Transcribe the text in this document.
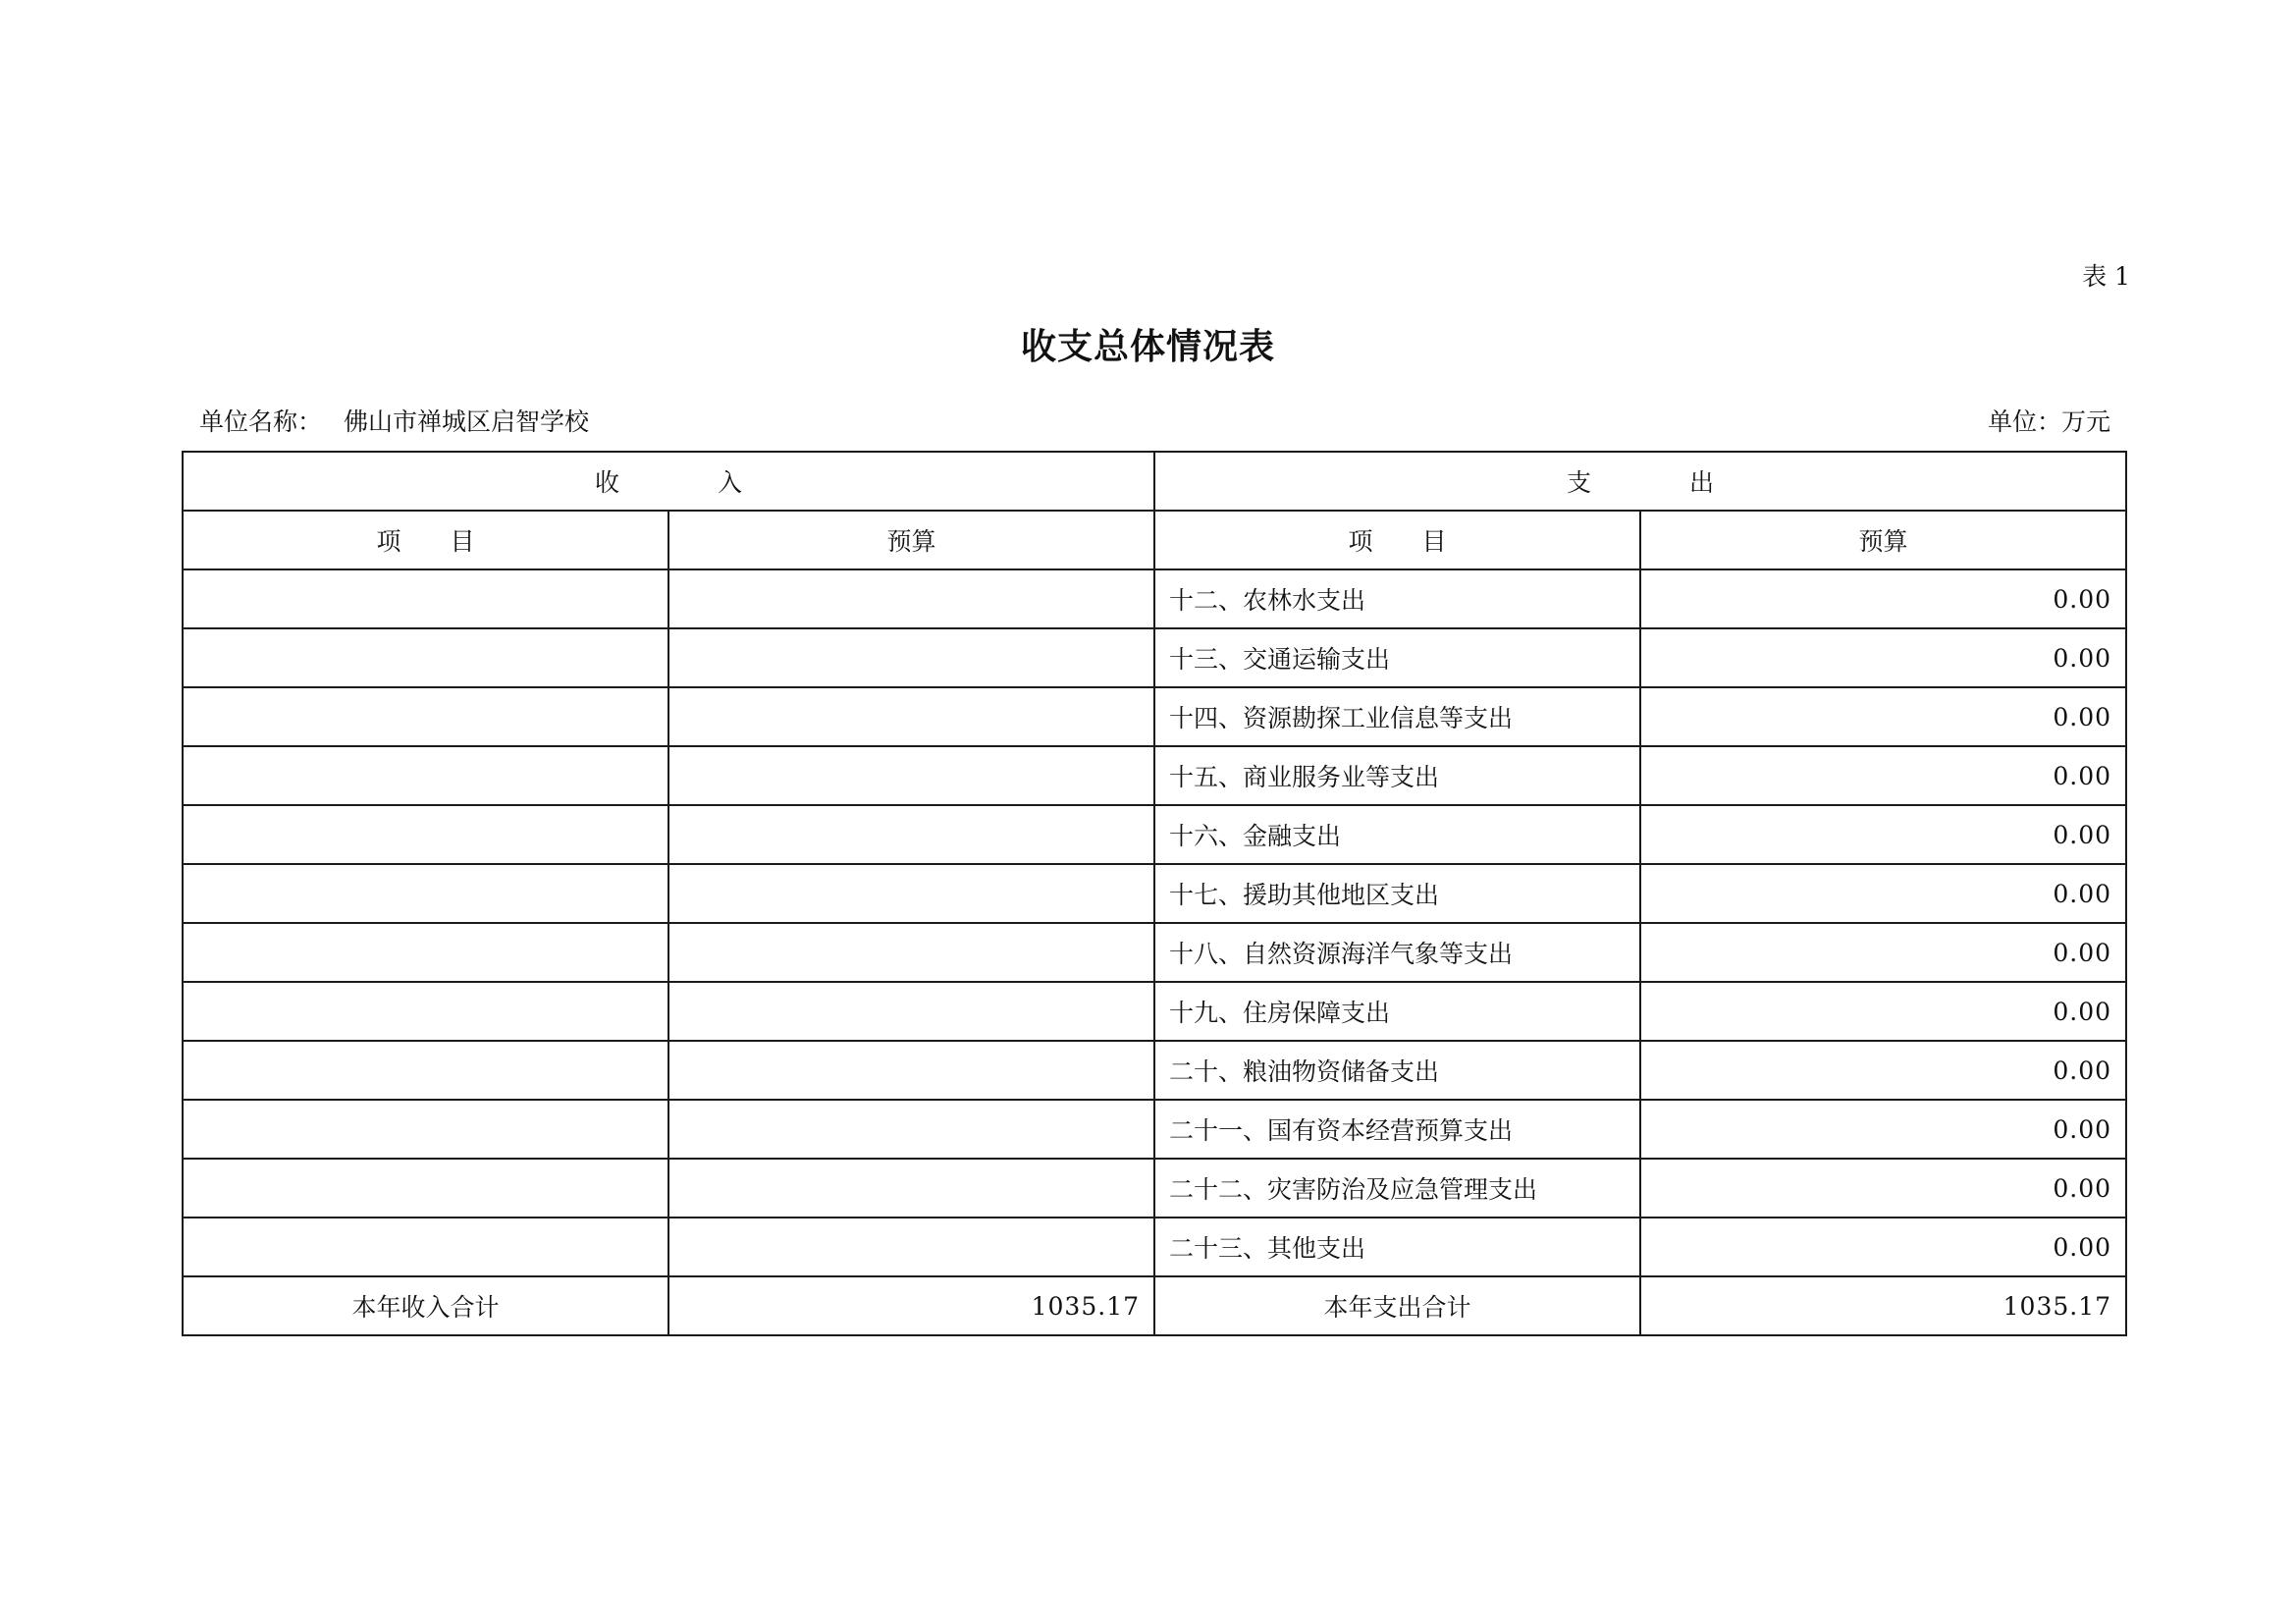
表 1
收支总体情况表
单位名称： 佛山市禅城区启智学校	单位：万元
收　　　　入		支　　　　出	
项　　目	预算	项　　目	预算
		十二、农林水支出	0.00
		十三、交通运输支出	0.00
		十四、资源勘探工业信息等支出	0.00
		十五、商业服务业等支出	0.00
		十六、金融支出	0.00
		十七、援助其他地区支出	0.00
		十八、自然资源海洋气象等支出	0.00
		十九、住房保障支出	0.00
		二十、粮油物资储备支出	0.00
		二十一、国有资本经营预算支出	0.00
		二十二、灾害防治及应急管理支出	0.00
		二十三、其他支出	0.00
本年收入合计	1035.17	本年支出合计	1035.17
